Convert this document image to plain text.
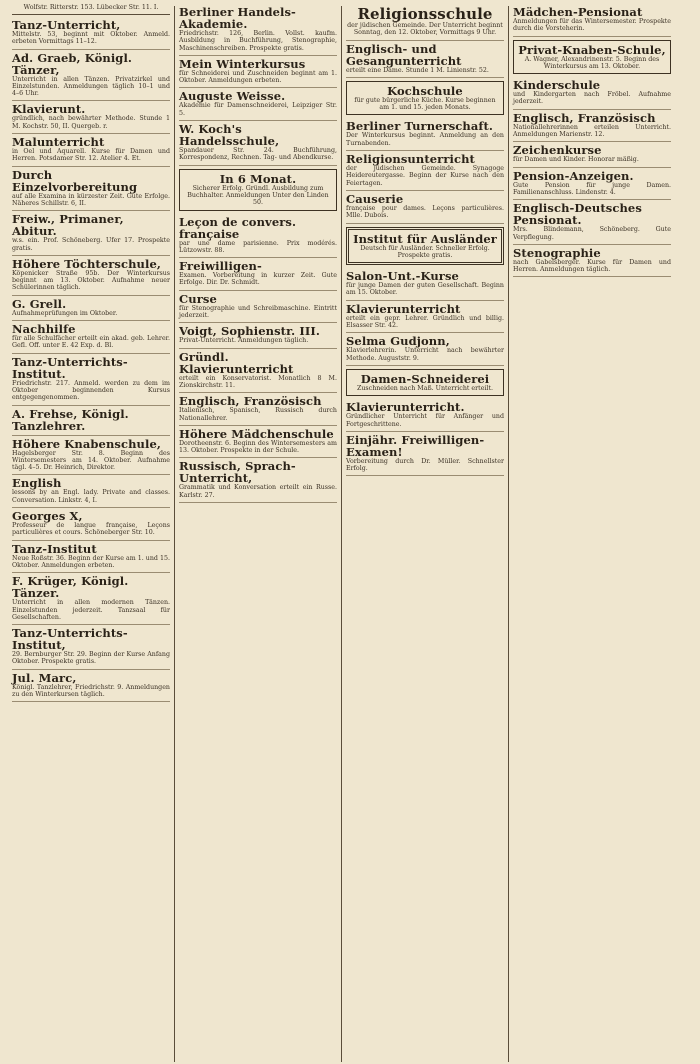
Wolfstr. Ritterstr. 153. Lübecker Str. 11. I.
Tanz-Unterricht,
Mittelstr. 53, beginnt mit Oktober. Anmeld. erbeten Vormittags 11–12.
Ad. Graeb, Königl. Tänzer,
Unterricht in allen Tänzen. Privatzirkel und Einzelstunden. Anmeldungen täglich 10–1 und 4–6 Uhr.
Klavierunt.
gründlich, nach bewährter Methode. Stunde 1 M. Kochstr. 50, II. Quergeb. r.
Malunterricht
in Oel und Aquarell. Kurse für Damen und Herren. Potsdamer Str. 12. Atelier 4. Et.
Durch Einzelvorbereitung
auf alle Examina in kürzester Zeit. Gute Erfolge. Näheres Schillstr. 6, II.
Freiw., Primaner, Abitur.
w.s. ein. Prof. Schöneberg. Ufer 17. Prospekte gratis.
Höhere Töchterschule,
Köpenicker Straße 95b. Der Winterkursus beginnt am 13. Oktober. Aufnahme neuer Schülerinnen täglich.
G. Grell.
Aufnahmeprüfungen im Oktober.
Nachhilfe
für alle Schulfächer erteilt ein akad. geb. Lehrer. Gefl. Off. unter E. 42 Exp. d. Bl.
Tanz-Unterrichts-Institut.
Friedrichstr. 217. Anmeld. werden zu dem im Oktober beginnenden Kursus entgegengenommen.
A. Frehse, Königl. Tanzlehrer.
Höhere Knabenschule,
Hagelsberger Str. 8. Beginn des Wintersemesters am 14. Oktober. Aufnahme tägl. 4–5. Dr. Heinrich, Direktor.
English
lessons by an Engl. lady. Private and classes. Conversation. Linkstr. 4, I.
Georges X,
Professeur de langue française, Leçons particulières et cours. Schöneberger Str. 10.
Tanz-Institut
Neue Roßstr. 36. Beginn der Kurse am 1. und 15. Oktober. Anmeldungen erbeten.
F. Krüger, Königl. Tänzer.
Unterricht in allen modernen Tänzen. Einzelstunden jederzeit. Tanzsaal für Gesellschaften.
Tanz-Unterrichts-Institut,
29. Bernburger Str. 29. Beginn der Kurse Anfang Oktober. Prospekte gratis.
Jul. Marc,
Königl. Tanzlehrer, Friedrichstr. 9. Anmeldungen zu den Winterkursen täglich.
Berliner Handels-Akademie.
Friedrichstr. 126, Berlin. Vollst. kaufm. Ausbildung in Buchführung, Stenographie, Maschinenschreiben. Prospekte gratis.
Mein Winterkursus
für Schneiderei und Zuschneiden beginnt am 1. Oktober. Anmeldungen erbeten.
Auguste Weisse.
Akademie für Damenschneiderei, Leipziger Str. 5.
W. Koch's Handelsschule,
Spandauer Str. 24. Buchführung, Korrespondenz, Rechnen. Tag- und Abendkurse.
In 6 Monat.
Sicherer Erfolg. Gründl. Ausbildung zum Buchhalter. Anmeldungen Unter den Linden 50.
Leçon de convers. française
par une dame parisienne. Prix modérés. Lützowstr. 88.
Freiwilligen-
Examen. Vorbereitung in kurzer Zeit. Gute Erfolge. Dir. Dr. Schmidt.
Curse
für Stenographie und Schreibmaschine. Eintritt jederzeit.
Voigt, Sophienstr. III.
Privat-Unterricht. Anmeldungen täglich.
Gründl. Klavierunterricht
erteilt ein Konservatorist. Monatlich 8 M. Zionskirchstr. 11.
Englisch, Französisch
Italienisch, Spanisch, Russisch durch Nationallehrer.
Höhere Mädchenschule
Dorotheenstr. 6. Beginn des Wintersemesters am 13. Oktober. Prospekte in der Schule.
Russisch, Sprach-Unterricht,
Grammatik und Konversation erteilt ein Russe. Karlstr. 27.
Religionsschule
der jüdischen Gemeinde. Der Unterricht beginnt Sonntag, den 12. Oktober, Vormittags 9 Uhr.
Englisch- und Gesangunterricht
erteilt eine Dame. Stunde 1 M. Linienstr. 52.
Kochschule
für gute bürgerliche Küche. Kurse beginnen am 1. und 15. jeden Monats.
Berliner Turnerschaft.
Der Winterkursus beginnt. Anmeldung an den Turnabenden.
Religionsunterricht
der jüdischen Gemeinde. Synagoge Heidereutergasse. Beginn der Kurse nach den Feiertagen.
Causerie
française pour dames. Leçons particulières. Mlle. Dubois.
Institut für Ausländer
Deutsch für Ausländer. Schneller Erfolg. Prospekte gratis.
Salon-Unt.-Kurse
für junge Damen der guten Gesellschaft. Beginn am 15. Oktober.
Klavierunterricht
erteilt ein gepr. Lehrer. Gründlich und billig. Elsasser Str. 42.
Selma Gudjonn,
Klavierlehrerin. Unterricht nach bewährter Methode. Auguststr. 9.
Damen-Schneiderei
Zuschneiden nach Maß. Unterricht erteilt.
Klavierunterricht.
Gründlicher Unterricht für Anfänger und Fortgeschrittene.
Einjähr. Freiwilligen-Examen!
Vorbereitung durch Dr. Müller. Schnellster Erfolg.
Mädchen-Pensionat
Anmeldungen für das Wintersemester. Prospekte durch die Vorsteherin.
Privat-Knaben-Schule,
A. Wagner, Alexandrinenstr. 5. Beginn des Winterkursus am 13. Oktober.
Kinderschule
und Kindergarten nach Fröbel. Aufnahme jederzeit.
Englisch, Französisch
Nationallehrerinnen erteilen Unterricht. Anmeldungen Marienstr. 12.
Zeichenkurse
für Damen und Kinder. Honorar mäßig.
Pension-Anzeigen.
Gute Pension für junge Damen. Familienanschluss. Lindenstr. 4.
Englisch-Deutsches Pensionat.
Mrs. Blindemann, Schöneberg. Gute Verpflegung.
Stenographie
nach Gabelsberger. Kurse für Damen und Herren. Anmeldungen täglich.
